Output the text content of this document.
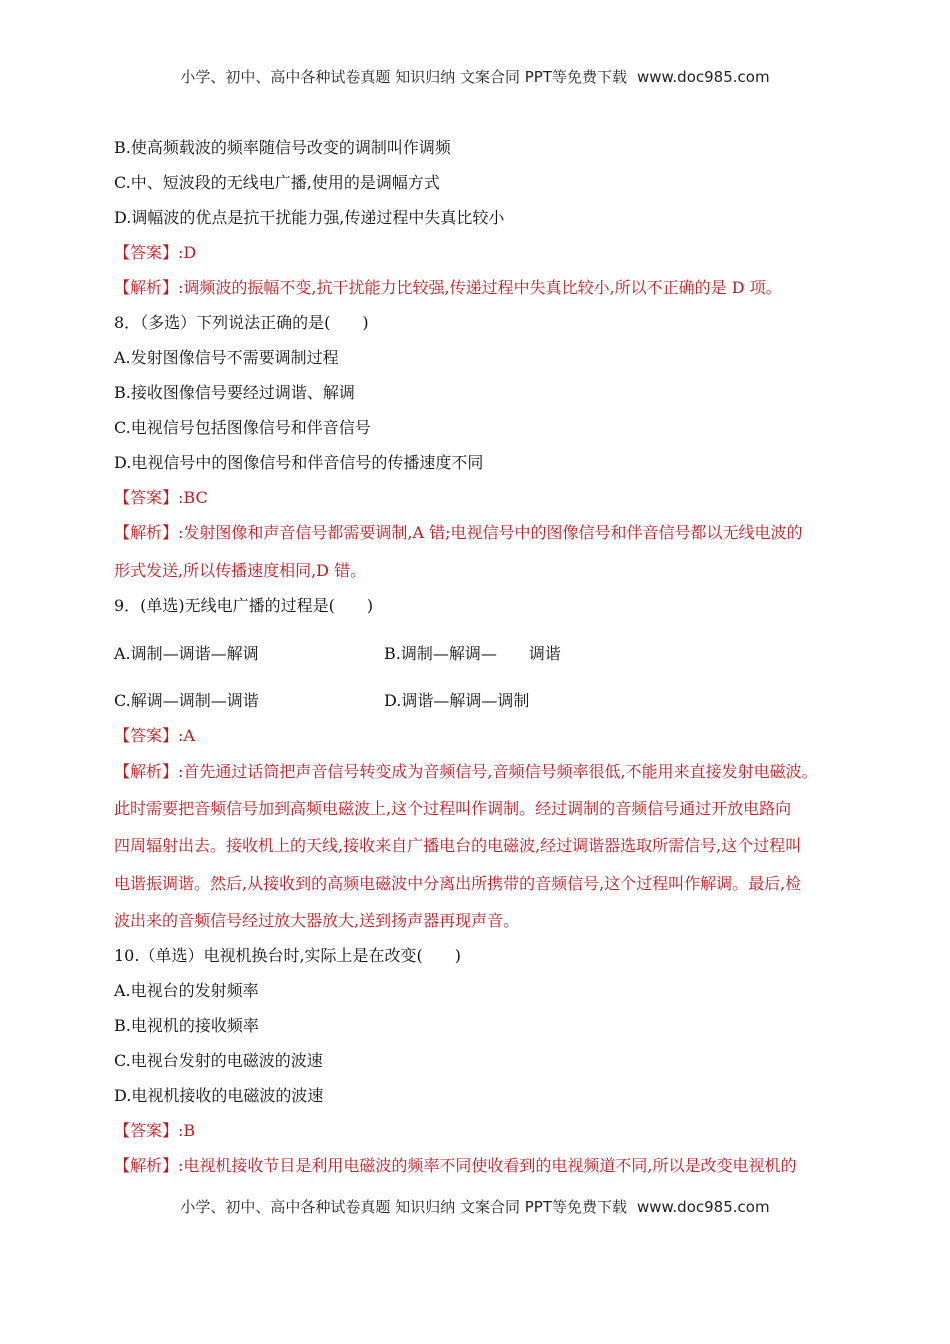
小学、初中、高中各种试卷真题 知识归纳 文案合同 PPT等免费下载 www.doc985.com
B.使高频载波的频率随信号改变的调制叫作调频
C.中、短波段的无线电广播,使用的是调幅方式
D.调幅波的优点是抗干扰能力强,传递过程中失真比较小
【答案】:D
【解析】:调频波的振幅不变,抗干扰能力比较强,传递过程中失真比较小,所以不正确的是 D 项。
8．（多选）下列说法正确的是(　　)
A.发射图像信号不需要调制过程
B.接收图像信号要经过调谐、解调
C.电视信号包括图像信号和伴音信号
D.电视信号中的图像信号和伴音信号的传播速度不同
【答案】:BC
【解析】:发射图像和声音信号都需要调制,A 错;电视信号中的图像信号和伴音信号都以无线电波的
形式发送,所以传播速度相同,D 错。
9．(单选)无线电广播的过程是(　　)
A.调制—调谐—解调	B.调制—解调—　　调谐
C.解调—调制—调谐	D.调谐—解调—调制
【答案】:A
【解析】:首先通过话筒把声音信号转变成为音频信号,音频信号频率很低,不能用来直接发射电磁波。
此时需要把音频信号加到高频电磁波上,这个过程叫作调制。经过调制的音频信号通过开放电路向
四周辐射出去。接收机上的天线,接收来自广播电台的电磁波,经过调谐器选取所需信号,这个过程叫
电谐振调谐。然后,从接收到的高频电磁波中分离出所携带的音频信号,这个过程叫作解调。最后,检
波出来的音频信号经过放大器放大,送到扬声器再现声音。
10.（单选）电视机换台时,实际上是在改变(　　)
A.电视台的发射频率
B.电视机的接收频率
C.电视台发射的电磁波的波速
D.电视机接收的电磁波的波速
【答案】:B
【解析】:电视机接收节目是利用电磁波的频率不同使收看到的电视频道不同,所以是改变电视机的
小学、初中、高中各种试卷真题 知识归纳 文案合同 PPT等免费下载 www.doc985.com
